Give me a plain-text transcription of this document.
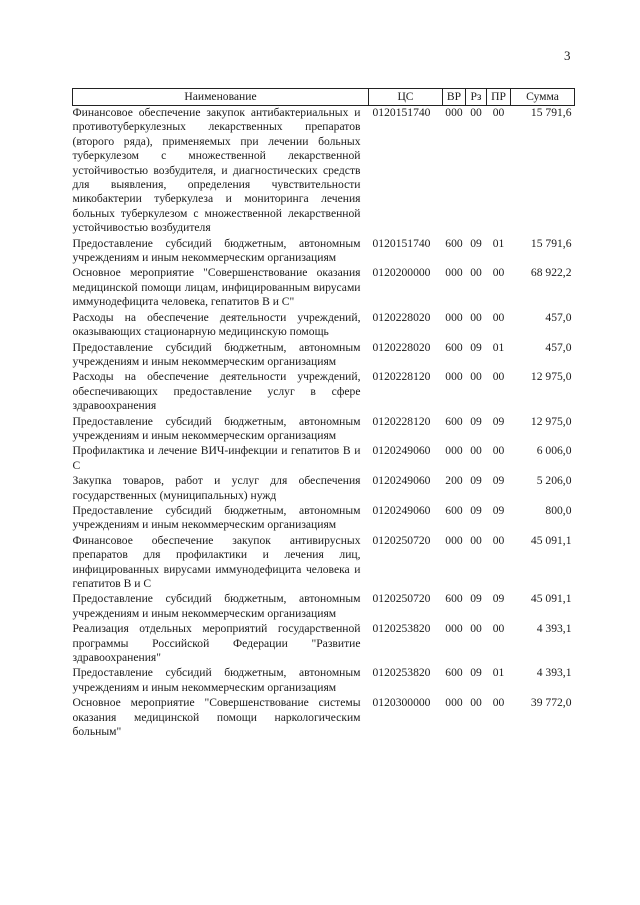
3
Наименование	ЦС	ВР	Рз	ПР	Сумма
Финансовое обеспечение закупок антибактериальных и противотуберкулезных лекарственных препаратов (второго ряда), применяемых при лечении больных туберкулезом с множественной лекарственной устойчивостью возбудителя, и диагностических средств для выявления, определения чувствительности микобактерии туберкулеза и мониторинга лечения больных туберкулезом с множественной лекарственной устойчивостью возбудителя	0120151740	000	00	00	15 791,6
Предоставление субсидий бюджетным, автономным учреждениям и иным некоммерческим организациям	0120151740	600	09	01	15 791,6
Основное мероприятие "Совершенствование оказания медицинской помощи лицам, инфицированным вирусами иммунодефицита человека, гепатитов В и С"	0120200000	000	00	00	68 922,2
Расходы на обеспечение деятельности учреждений, оказывающих стационарную медицинскую помощь	0120228020	000	00	00	457,0
Предоставление субсидий бюджетным, автономным учреждениям и иным некоммерческим организациям	0120228020	600	09	01	457,0
Расходы на обеспечение деятельности учреждений, обеспечивающих предоставление услуг в сфере здравоохранения	0120228120	000	00	00	12 975,0
Предоставление субсидий бюджетным, автономным учреждениям и иным некоммерческим организациям	0120228120	600	09	09	12 975,0
Профилактика и лечение ВИЧ-инфекции и гепатитов В и С	0120249060	000	00	00	6 006,0
Закупка товаров, работ и услуг для обеспечения государственных (муниципальных) нужд	0120249060	200	09	09	5 206,0
Предоставление субсидий бюджетным, автономным учреждениям и иным некоммерческим организациям	0120249060	600	09	09	800,0
Финансовое обеспечение закупок антивирусных препаратов для профилактики и лечения лиц, инфицированных вирусами иммунодефицита человека и гепатитов В и С	0120250720	000	00	00	45 091,1
Предоставление субсидий бюджетным, автономным учреждениям и иным некоммерческим организациям	0120250720	600	09	09	45 091,1
Реализация отдельных мероприятий государственной программы Российской Федерации "Развитие здравоохранения"	0120253820	000	00	00	4 393,1
Предоставление субсидий бюджетным, автономным учреждениям и иным некоммерческим организациям	0120253820	600	09	01	4 393,1
Основное мероприятие "Совершенствование системы оказания медицинской помощи наркологическим больным"	0120300000	000	00	00	39 772,0
